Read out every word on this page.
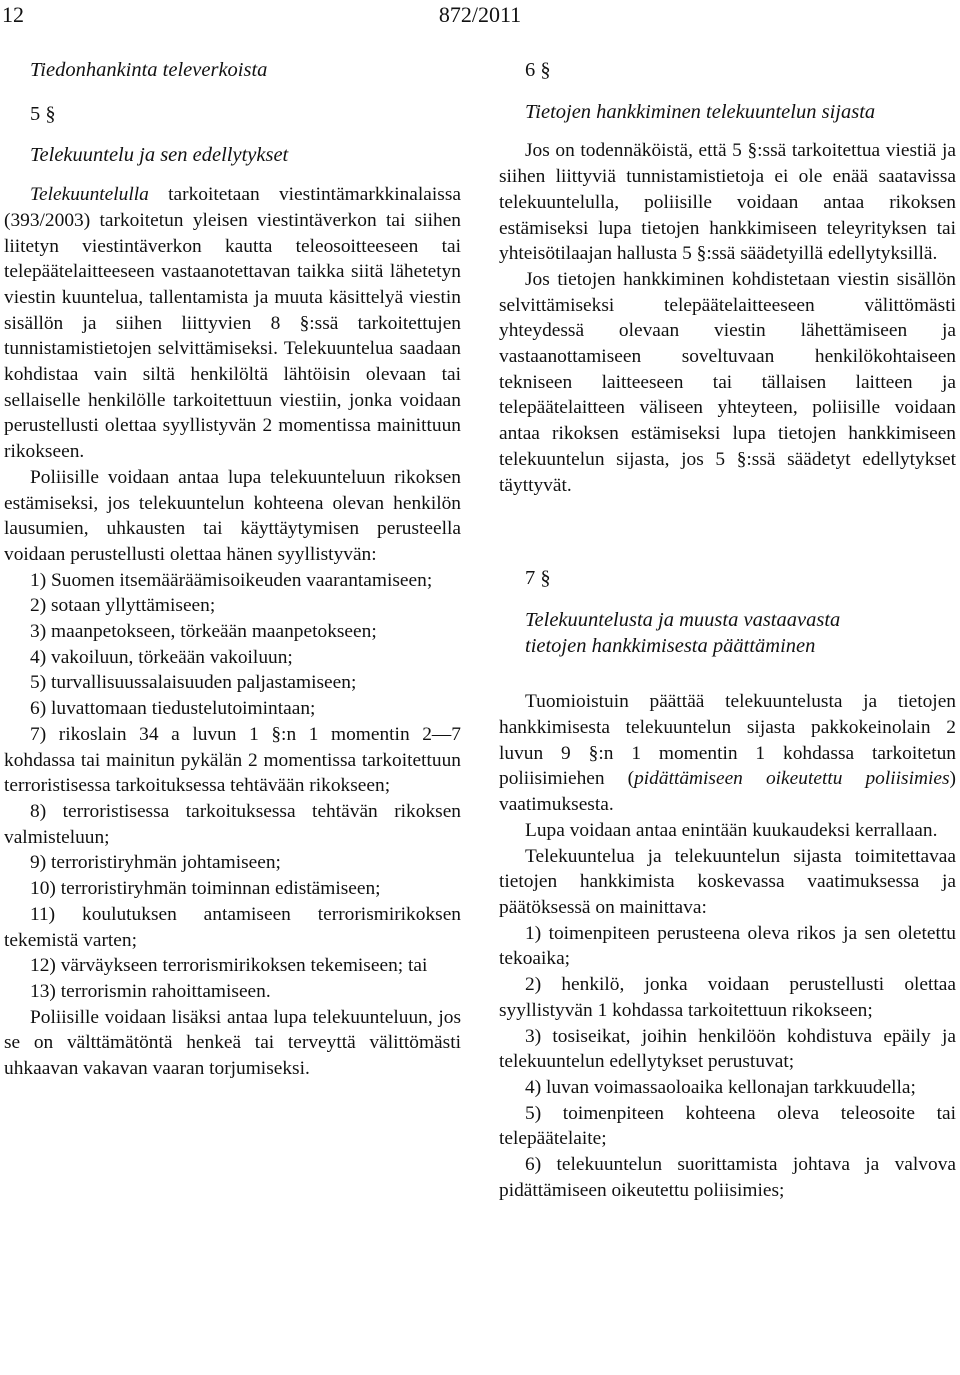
12	872/2011

Tiedonhankinta televerkoista

5 §

Telekuuntelu ja sen edellytykset

Telekuuntelulla tarkoitetaan viestintämarkkinalaissa (393/2003) tarkoitetun yleisen viestintäverkon tai siihen liitetyn viestintäverkon kautta teleosoitteeseen tai telepäätelaitteeseen vastaanotettavan taikka siitä lähetetyn viestin kuuntelua, tallentamista ja muuta käsittelyä viestin sisällön ja siihen liittyvien 8 §:ssä tarkoitettujen tunnistamistietojen selvittämiseksi. Telekuuntelua saadaan kohdistaa vain siltä henkilöltä lähtöisin olevaan tai sellaiselle henkilölle tarkoitettuun viestiin, jonka voidaan perustellusti olettaa syyllistyvän 2 momentissa mainittuun rikokseen.

Poliisille voidaan antaa lupa telekuunteluun rikoksen estämiseksi, jos telekuuntelun kohteena olevan henkilön lausumien, uhkausten tai käyttäytymisen perusteella voidaan perustellusti olettaa hänen syyllistyvän:

1) Suomen itsemääräämisoikeuden vaarantamiseen;

2) sotaan yllyttämiseen;

3) maanpetokseen, törkeään maanpetokseen;

4) vakoiluun, törkeään vakoiluun;

5) turvallisuussalaisuuden paljastamiseen;

6) luvattomaan tiedustelutoimintaan;

7) rikoslain 34 a luvun 1 §:n 1 momentin 2—7 kohdassa tai mainitun pykälän 2 momentissa tarkoitettuun terroristisessa tarkoituksessa tehtävään rikokseen;

8) terroristisessa tarkoituksessa tehtävän rikoksen valmisteluun;

9) terroristiryhmän johtamiseen;

10) terroristiryhmän toiminnan edistämiseen;

11) koulutuksen antamiseen terrorismirikoksen tekemistä varten;

12) värväykseen terrorismirikoksen tekemiseen; tai

13) terrorismin rahoittamiseen.

Poliisille voidaan lisäksi antaa lupa telekuunteluun, jos se on välttämätöntä henkeä tai terveyttä välittömästi uhkaavan vakavan vaaran torjumiseksi.

6 §

Tietojen hankkiminen telekuuntelun sijasta

Jos on todennäköistä, että 5 §:ssä tarkoitettua viestiä ja siihen liittyviä tunnistamistietoja ei ole enää saatavissa telekuuntelulla, poliisille voidaan antaa rikoksen estämiseksi lupa tietojen hankkimiseen teleyrityksen tai yhteisötilaajan hallusta 5 §:ssä säädetyillä edellytyksillä.

Jos tietojen hankkiminen kohdistetaan viestin sisällön selvittämiseksi telepäätelaitteeseen välittömästi yhteydessä olevaan viestin lähettämiseen ja vastaanottamiseen soveltuvaan henkilökohtaiseen tekniseen laitteeseen tai tällaisen laitteen ja telepäätelaitteen väliseen yhteyteen, poliisille voidaan antaa rikoksen estämiseksi lupa tietojen hankkimiseen telekuuntelun sijasta, jos 5 §:ssä säädetyt edellytykset täyttyvät.

7 §

Telekuuntelusta ja muusta vastaavasta

tietojen hankkimisesta päättäminen

Tuomioistuin päättää telekuuntelusta ja tietojen hankkimisesta telekuuntelun sijasta pakkokeinolain 2 luvun 9 §:n 1 momentin 1 kohdassa tarkoitetun poliisimiehen (pidättämiseen oikeutettu poliisimies) vaatimuksesta.

Lupa voidaan antaa enintään kuukaudeksi kerrallaan.

Telekuuntelua ja telekuuntelun sijasta toimitettavaa tietojen hankkimista koskevassa vaatimuksessa ja päätöksessä on mainittava:

1) toimenpiteen perusteena oleva rikos ja sen oletettu tekoaika;

2) henkilö, jonka voidaan perustellusti olettaa syyllistyvän 1 kohdassa tarkoitettuun rikokseen;

3) tosiseikat, joihin henkilöön kohdistuva epäily ja telekuuntelun edellytykset perustuvat;

4) luvan voimassaoloaika kellonajan tarkkuudella;

5) toimenpiteen kohteena oleva teleosoite tai telepäätelaite;

6) telekuuntelun suorittamista johtava ja valvova pidättämiseen oikeutettu poliisimies;
